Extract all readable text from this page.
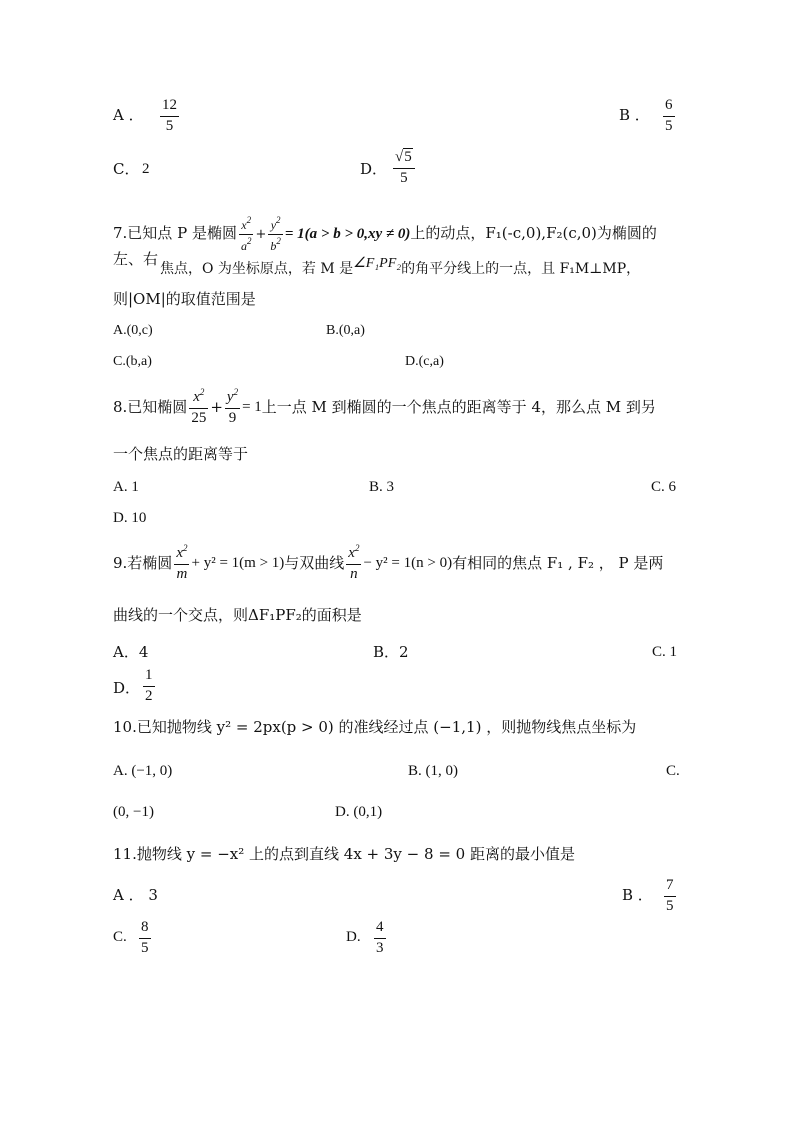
A ． $\frac{12}{5}$	B ． $\frac{6}{5}$
C． 2	D． $\frac{√5}{5}$
7.已知点 P 是椭圆 $\frac{x^2}{a^2} + \frac{y^2}{b^2} = 1(a > b > 0,xy \ne 0)$上的动点，F₁(-c,0),F₂(c,0)为椭圆的
左、右
焦点，O 为坐标原点，若 M 是∠F₁PF₂的角平分线上的一点，且 F₁M⊥MP，
则|OM|的取值范围是
A.(0,c)	B.(0,a)
C.(b,a)	D.(c,a)
8.已知椭圆 $\frac{x^2}{25} + \frac{y^2}{9} = 1$上一点 M 到椭圆的一个焦点的距离等于 4，那么点 M 到另
一个焦点的距离等于
A. 1	B. 3	C. 6
D. 10
9.若椭圆 $\frac{x^2}{m} + y^2 = 1(m > 1)$与双曲线 $\frac{x^2}{n} - y^2 = 1(n > 0)$有相同的焦点 F₁ , F₂ ， P 是两
曲线的一个交点，则ΔF₁PF₂的面积是
A．4	B．2	C. 1
D． $\frac{1}{2}$
10.已知抛物线 y² = 2px(p > 0) 的准线经过点 (−1,1) ，则抛物线焦点坐标为
A. (−1, 0)	B. (1, 0)	C.
(0, −1)	D. (0,1)
11.抛物线 y = −x² 上的点到直线 4x + 3y − 8 = 0 距离的最小值是
A ． 3	B ． $\frac{7}{5}$
C. $\frac{8}{5}$	D. $\frac{4}{3}$
